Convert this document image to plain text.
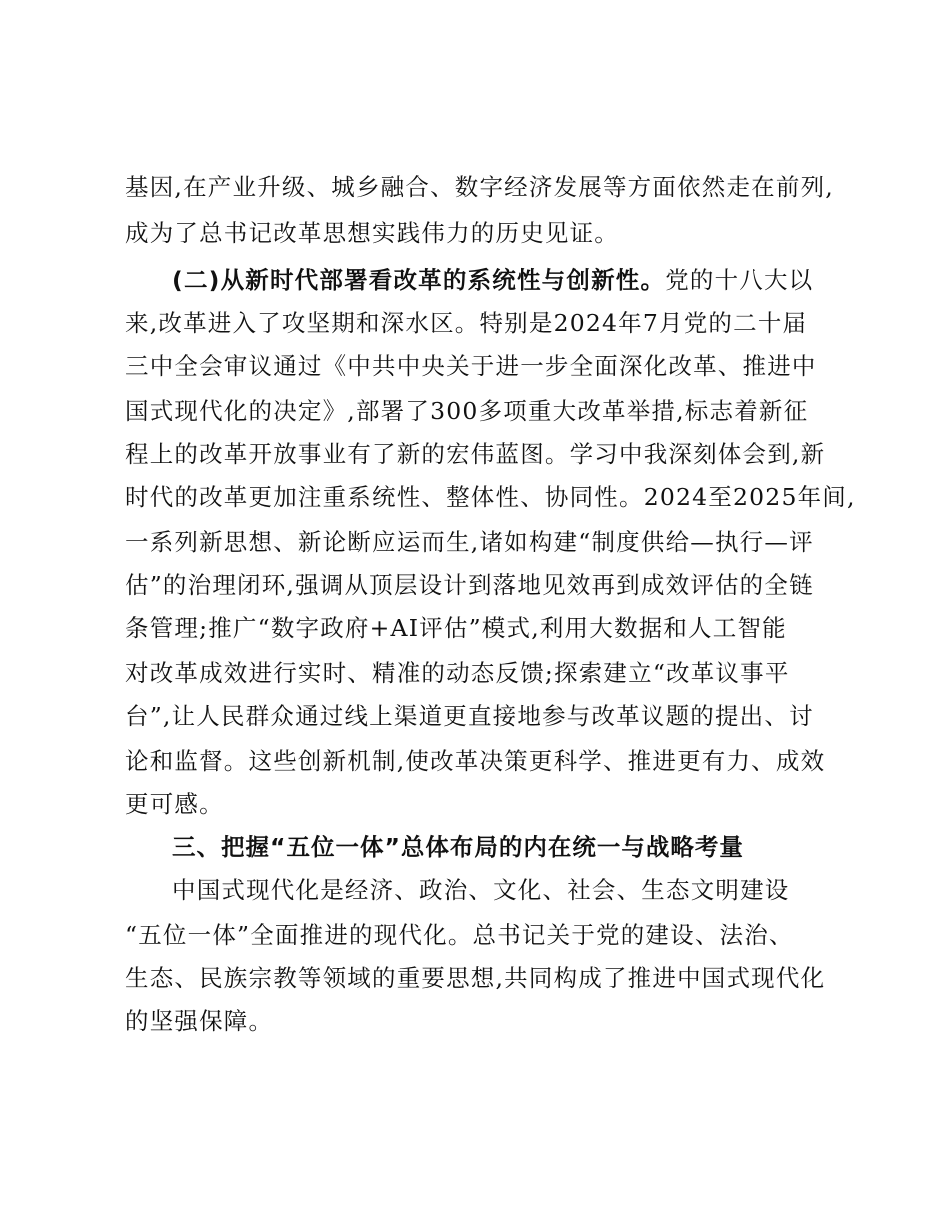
基因,在产业升级、城乡融合、数字经济发展等方面依然走在前列,

成为了总书记改革思想实践伟力的历史见证。

(二)从新时代部署看改革的系统性与创新性。党的十八大以

来,改革进入了攻坚期和深水区。特别是2024年7月党的二十届

三中全会审议通过《中共中央关于进一步全面深化改革、推进中

国式现代化的决定》,部署了300多项重大改革举措,标志着新征

程上的改革开放事业有了新的宏伟蓝图。学习中我深刻体会到,新

时代的改革更加注重系统性、整体性、协同性。2024至2025年间,

一系列新思想、新论断应运而生,诸如构建“制度供给—执行—评

估”的治理闭环,强调从顶层设计到落地见效再到成效评估的全链

条管理;推广“数字政府+AI评估”模式,利用大数据和人工智能

对改革成效进行实时、精准的动态反馈;探索建立“改革议事平

台”,让人民群众通过线上渠道更直接地参与改革议题的提出、讨

论和监督。这些创新机制,使改革决策更科学、推进更有力、成效

更可感。

三、把握“五位一体”总体布局的内在统一与战略考量

中国式现代化是经济、政治、文化、社会、生态文明建设

“五位一体”全面推进的现代化。总书记关于党的建设、法治、

生态、民族宗教等领域的重要思想,共同构成了推进中国式现代化

的坚强保障。
